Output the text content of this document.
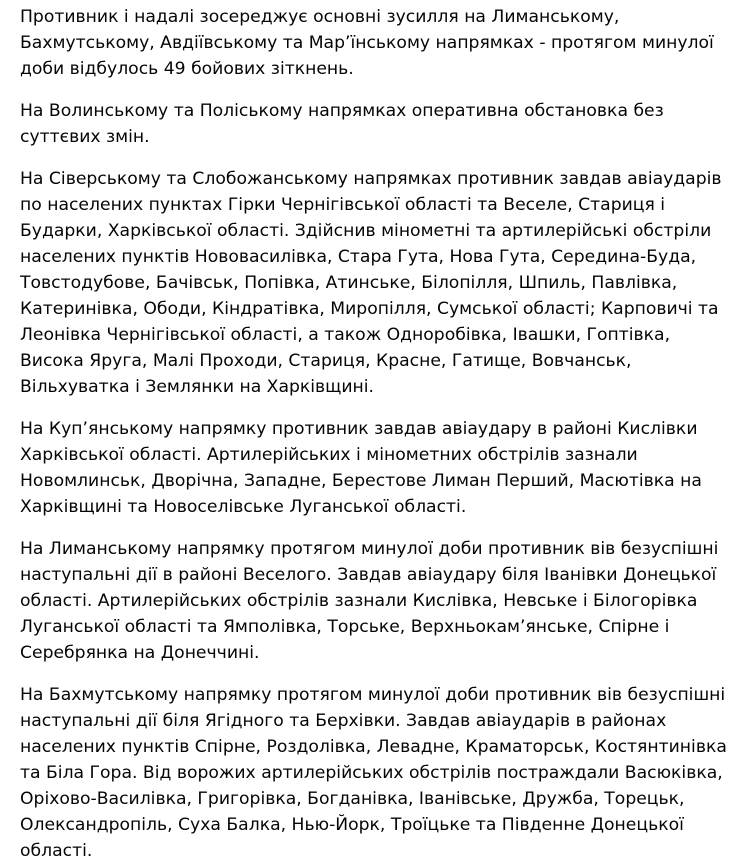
Противник і надалі зосереджує основні зусилля на Лиманському, Бахмутському, Авдіївському та Мар’їнському напрямках - протягом минулої доби відбулось 49 бойових зіткнень.

На Волинському та Поліському напрямках оперативна обстановка без суттєвих змін.

На Сіверському та Слобожанському напрямках противник завдав авіаударів по населених пунктах Гірки Чернігівської області та Веселе, Стариця і Бударки, Харківської області. Здійснив мінометні та артилерійські обстріли населених пунктів Нововасилівка, Стара Гута, Нова Гута, Середина-Буда, Товстодубове, Бачівськ, Попівка, Атинське, Білопілля, Шпиль, Павлівка, Катеринівка, Ободи, Кіндратівка, Миропілля, Сумської області; Карповичі та Леонівка Чернігівської області, а також Одноробівка, Івашки, Гоптівка, Висока Яруга, Малі Проходи, Стариця, Красне, Гатище, Вовчанськ, Вільхуватка і Землянки на Харківщині.

На Куп’янському напрямку противник завдав авіаудару в районі Кислівки Харківської області. Артилерійських і мінометних обстрілів зазнали Новомлинськ, Дворічна, Западне, Берестове Лиман Перший, Масютівка на Харківщині та Новоселівське Луганської області.

На Лиманському напрямку протягом минулої доби противник вів безуспішні наступальні дії в районі Веселого. Завдав авіаудару біля Іванівки Донецької області. Артилерійських обстрілів зазнали Кислівка, Невське і Білогорівка Луганської області та Ямполівка, Торське, Верхньокам’янське, Спірне і Серебрянка на Донеччині.

На Бахмутському напрямку протягом минулої доби противник вів безуспішні наступальні дії біля Ягідного та Берхівки. Завдав авіаударів в районах населених пунктів Спірне, Роздолівка, Левадне, Краматорськ, Костянтинівка та Біла Гора. Від ворожих артилерійських обстрілів постраждали Васюківка, Оріхово-Василівка, Григорівка, Богданівка, Іванівське, Дружба, Торецьк, Олександропіль, Суха Балка, Нью-Йорк, Троїцьке та Південне Донецької області.
